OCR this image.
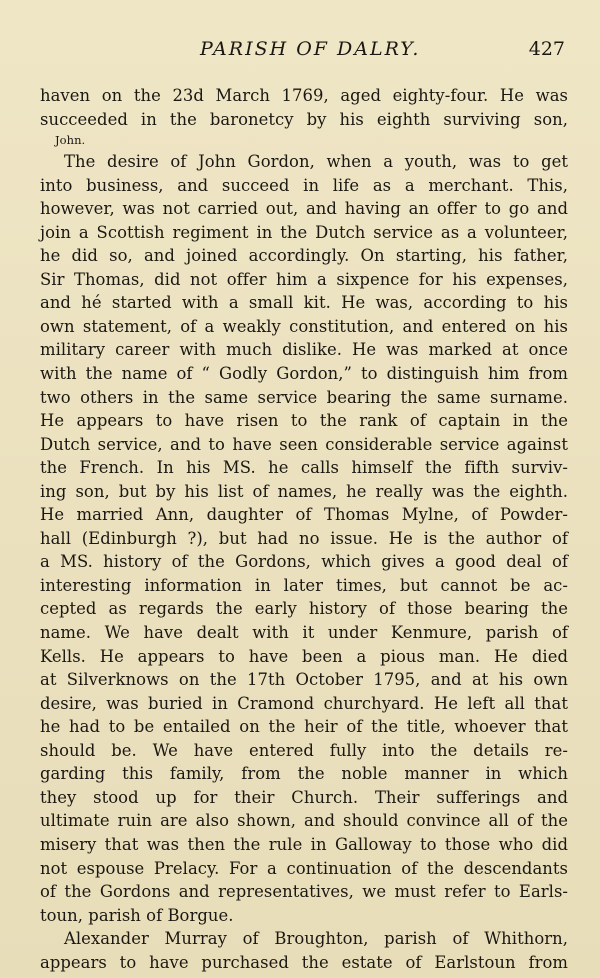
PARISH OF DALRY.	427
haven on the 23d March 1769, aged eighty-four. He was
succeeded in the baronetcy by his eighth surviving son,
John.
The desire of John Gordon, when a youth, was to get
into business, and succeed in life as a merchant. This,
however, was not carried out, and having an offer to go and
join a Scottish regiment in the Dutch service as a volunteer,
he did so, and joined accordingly. On starting, his father,
Sir Thomas, did not offer him a sixpence for his expenses,
and hé started with a small kit. He was, according to his
own statement, of a weakly constitution, and entered on his
military career with much dislike. He was marked at once
with the name of “ Godly Gordon,” to distinguish him from
two others in the same service bearing the same surname.
He appears to have risen to the rank of captain in the
Dutch service, and to have seen considerable service against
the French. In his MS. he calls himself the fifth surviv-
ing son, but by his list of names, he really was the eighth.
He married Ann, daughter of Thomas Mylne, of Powder-
hall (Edinburgh ?), but had no issue. He is the author of
a MS. history of the Gordons, which gives a good deal of
interesting information in later times, but cannot be ac-
cepted as regards the early history of those bearing the
name. We have dealt with it under Kenmure, parish of
Kells. He appears to have been a pious man. He died
at Silverknows on the 17th October 1795, and at his own
desire, was buried in Cramond churchyard. He left all that
he had to be entailed on the heir of the title, whoever that
should be. We have entered fully into the details re-
garding this family, from the noble manner in which
they stood up for their Church. Their sufferings and
ultimate ruin are also shown, and should convince all of the
misery that was then the rule in Galloway to those who did
not espouse Prelacy. For a continuation of the descendants
of the Gordons and representatives, we must refer to Earls-
toun, parish of Borgue.
Alexander Murray of Broughton, parish of Whithorn,
appears to have purchased the estate of Earlstoun from
